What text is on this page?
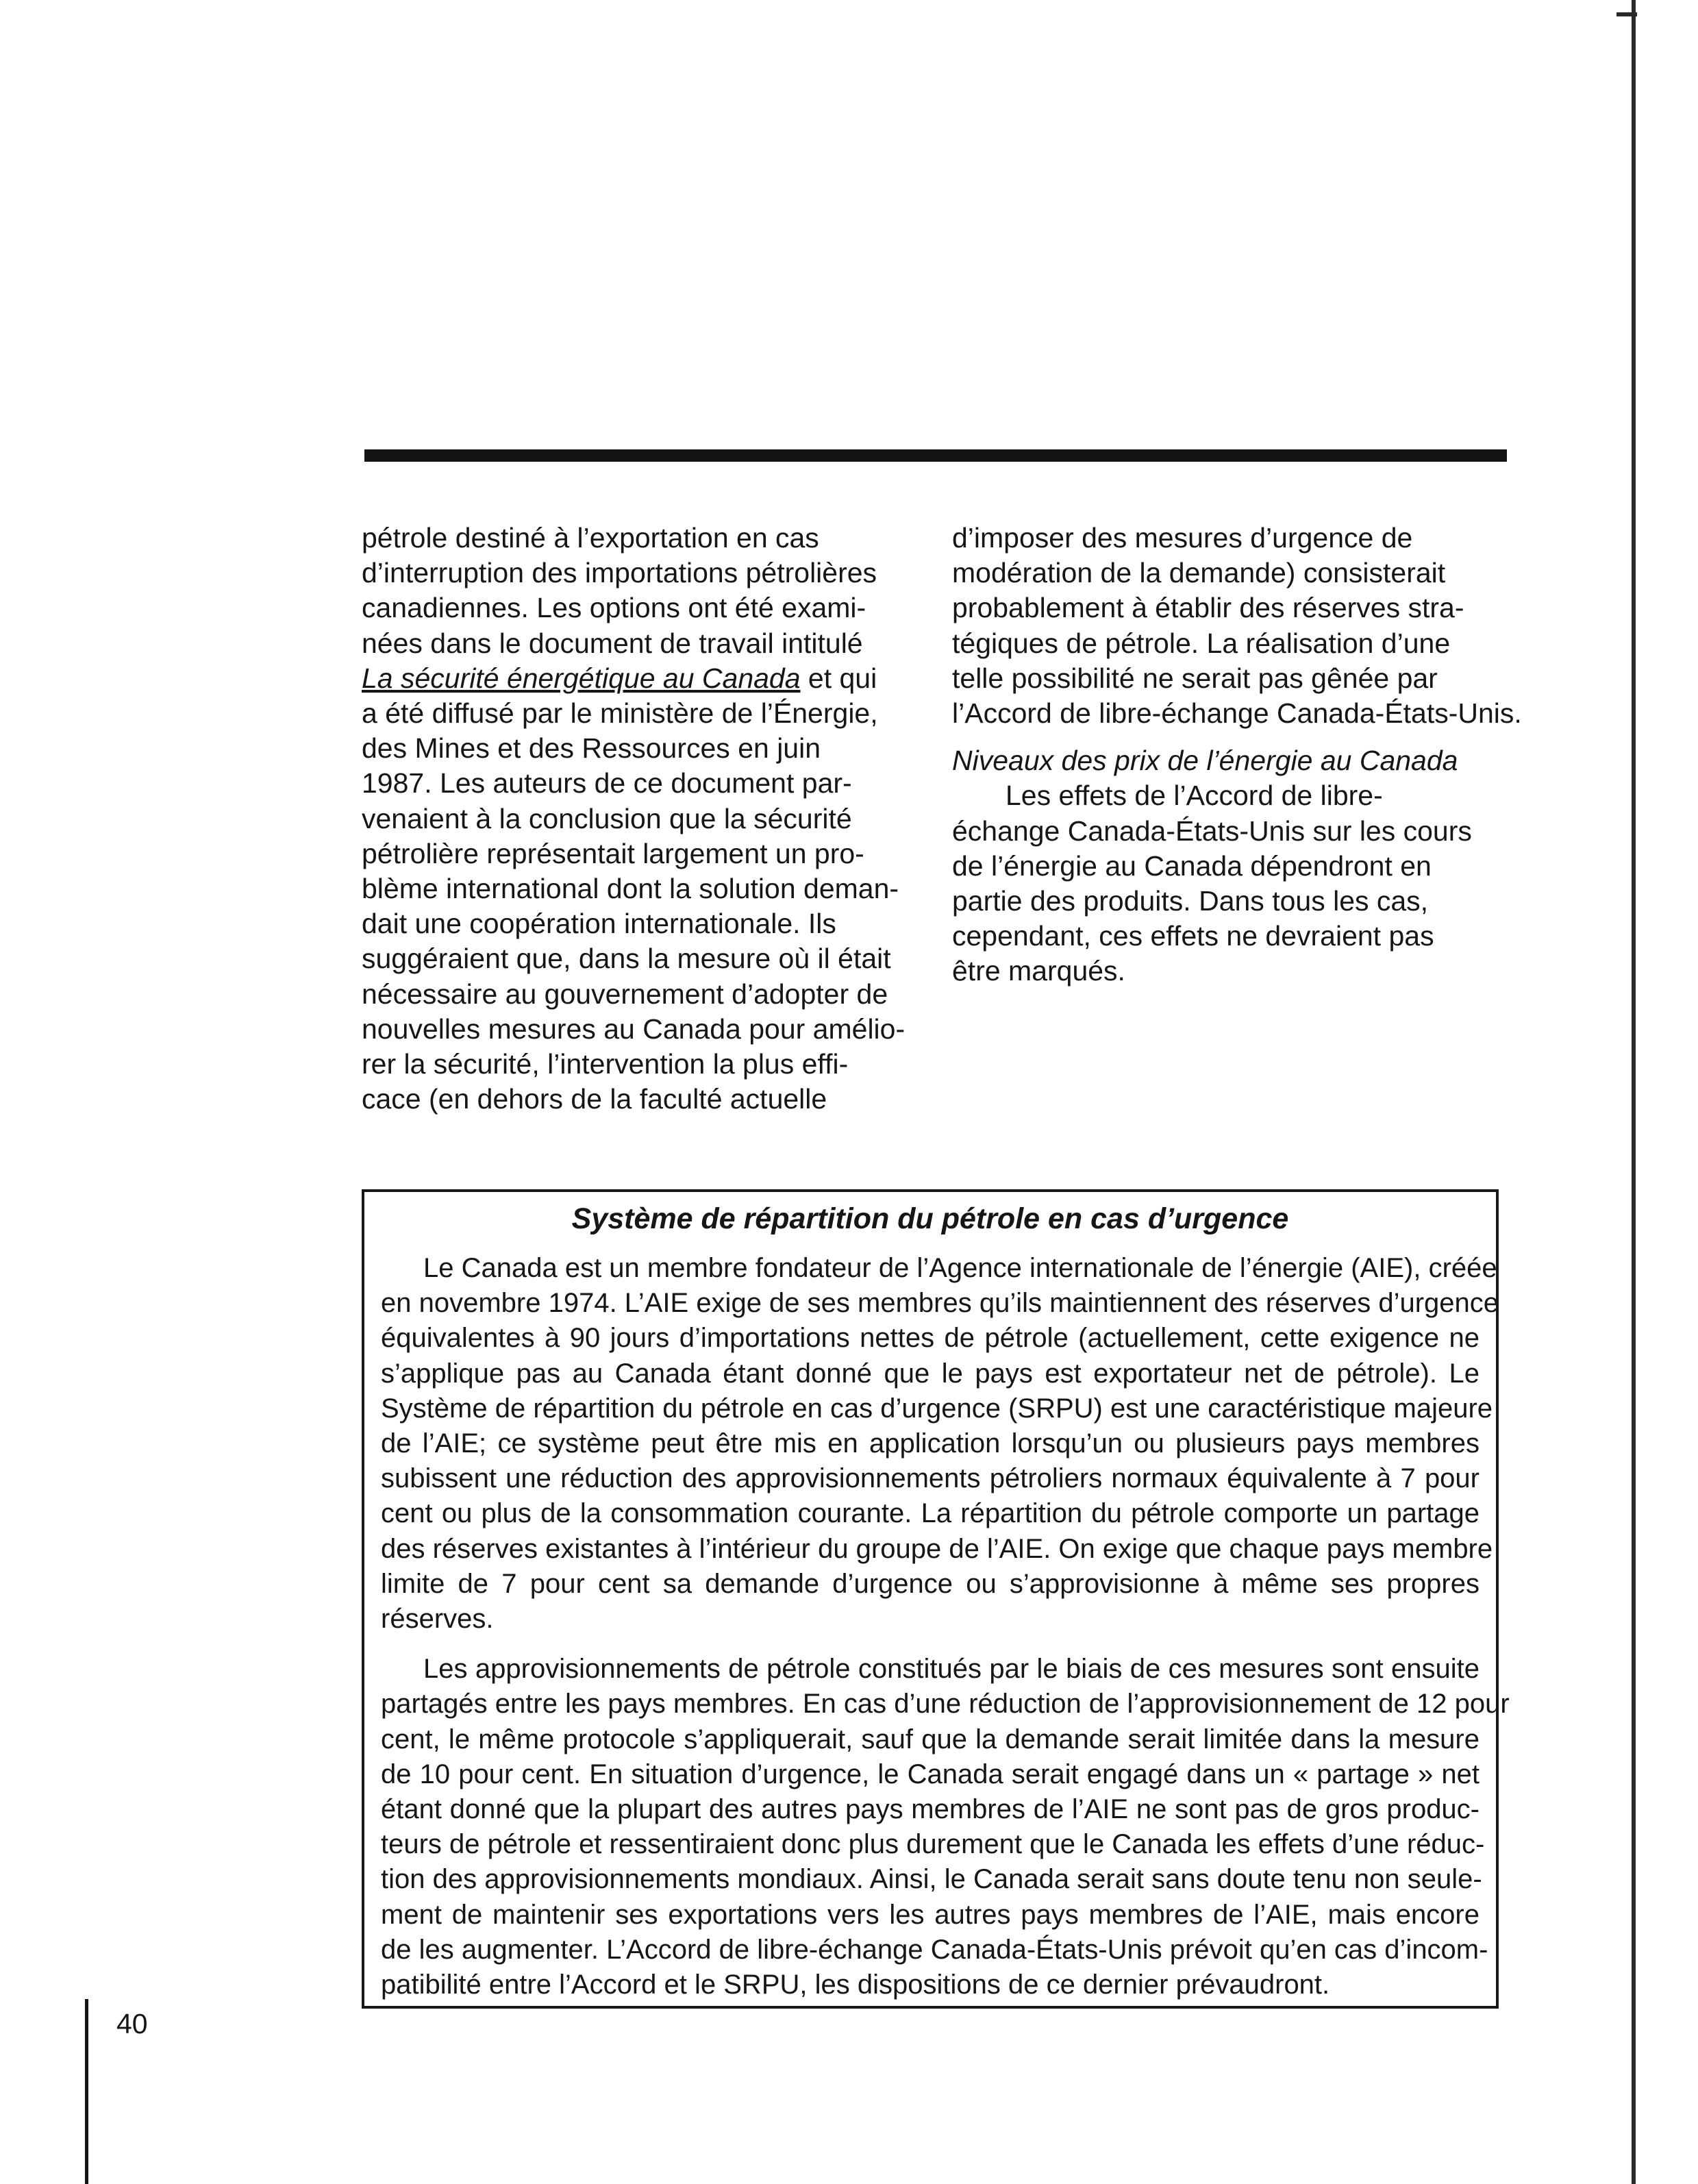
pétrole destiné à l’exportation en cas
d’interruption des importations pétrolières
canadiennes. Les options ont été exami-
nées dans le document de travail intitulé
La sécurité énergétique au Canada et qui
a été diffusé par le ministère de l’Énergie,
des Mines et des Ressources en juin
1987. Les auteurs de ce document par-
venaient à la conclusion que la sécurité
pétrolière représentait largement un pro-
blème international dont la solution deman-
dait une coopération internationale. Ils
suggéraient que, dans la mesure où il était
nécessaire au gouvernement d’adopter de
nouvelles mesures au Canada pour amélio-
rer la sécurité, l’intervention la plus effi-
cace (en dehors de la faculté actuelle
d’imposer des mesures d’urgence de
modération de la demande) consisterait
probablement à établir des réserves stra-
tégiques de pétrole. La réalisation d’une
telle possibilité ne serait pas gênée par
l’Accord de libre-échange Canada-États-Unis.
Niveaux des prix de l’énergie au Canada
Les effets de l’Accord de libre-
échange Canada-États-Unis sur les cours
de l’énergie au Canada dépendront en
partie des produits. Dans tous les cas,
cependant, ces effets ne devraient pas
être marqués.
Système de répartition du pétrole en cas d’urgence
Le Canada est un membre fondateur de l’Agence internationale de l’énergie (AIE), créée
en novembre 1974. L’AIE exige de ses membres qu’ils maintiennent des réserves d’urgence
équivalentes à 90 jours d’importations nettes de pétrole (actuellement, cette exigence ne
s’applique pas au Canada étant donné que le pays est exportateur net de pétrole). Le
Système de répartition du pétrole en cas d’urgence (SRPU) est une caractéristique majeure
de l’AIE; ce système peut être mis en application lorsqu’un ou plusieurs pays membres
subissent une réduction des approvisionnements pétroliers normaux équivalente à 7 pour
cent ou plus de la consommation courante. La répartition du pétrole comporte un partage
des réserves existantes à l’intérieur du groupe de l’AIE. On exige que chaque pays membre
limite de 7 pour cent sa demande d’urgence ou s’approvisionne à même ses propres
réserves.
Les approvisionnements de pétrole constitués par le biais de ces mesures sont ensuite
partagés entre les pays membres. En cas d’une réduction de l’approvisionnement de 12 pour
cent, le même protocole s’appliquerait, sauf que la demande serait limitée dans la mesure
de 10 pour cent. En situation d’urgence, le Canada serait engagé dans un « partage » net
étant donné que la plupart des autres pays membres de l’AIE ne sont pas de gros produc-
teurs de pétrole et ressentiraient donc plus durement que le Canada les effets d’une réduc-
tion des approvisionnements mondiaux. Ainsi, le Canada serait sans doute tenu non seule-
ment de maintenir ses exportations vers les autres pays membres de l’AIE, mais encore
de les augmenter. L’Accord de libre-échange Canada-États-Unis prévoit qu’en cas d’incom-
patibilité entre l’Accord et le SRPU, les dispositions de ce dernier prévaudront.
40
